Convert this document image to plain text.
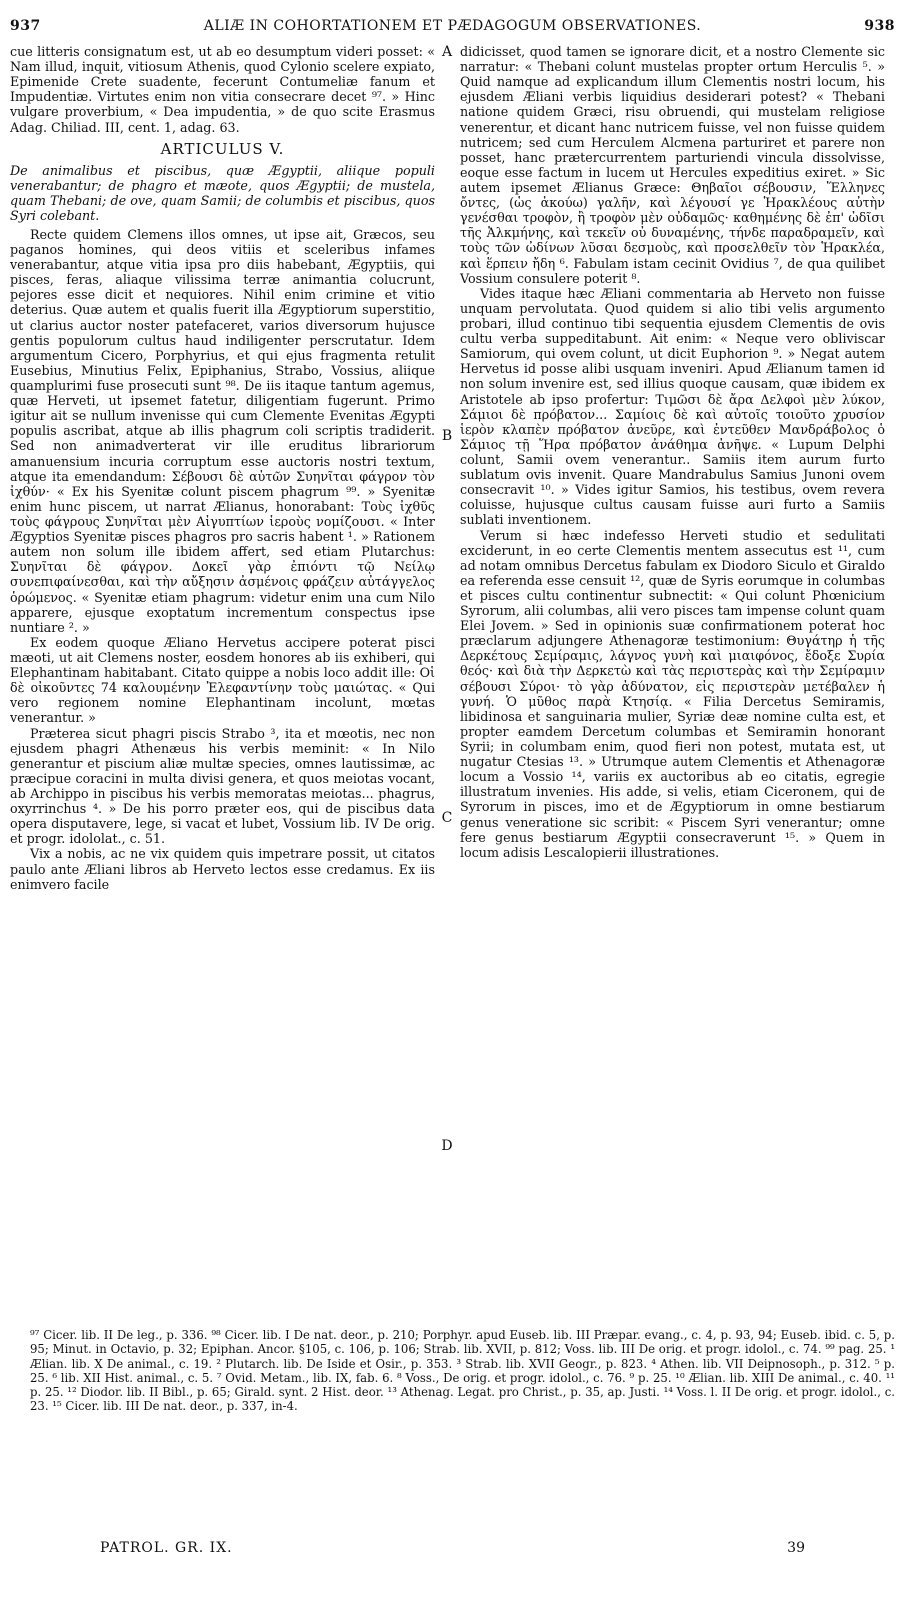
937	ALIÆ IN COHORTATIONEM ET PÆDAGOGUM OBSERVATIONES.	938

cue litteris consignatum est, ut ab eo desumptum videri posset: « Nam illud, inquit, vitiosum Athenis, quod Cylonio scelere expiato, Epimenide Crete suadente, fecerunt Contumeliæ fanum et Impudentiæ. Virtutes enim non vitia consecrare decet ⁹⁷. » Hinc vulgare proverbium, « Dea impudentia, » de quo scite Erasmus Adag. Chiliad. III, cent. 1, adag. 63.

ARTICULUS V.

De animalibus et piscibus, quæ Ægyptii, aliique populi venerabantur; de phagro et mæote, quos Ægyptii; de mustela, quam Thebani; de ove, quam Samii; de columbis et piscibus, quos Syri colebant.

Recte quidem Clemens illos omnes, ut ipse ait, Græcos, seu paganos homines, qui deos vitiis et sceleribus infames venerabantur, atque vitia ipsa pro diis habebant, Ægyptiis, qui pisces, feras, aliaque vilissima terræ animantia colucrunt, pejores esse dicit et nequiores. Nihil enim crimine et vitio deterius. Quæ autem et qualis fuerit illa Ægyptiorum superstitio, ut clarius auctor noster patefaceret, varios diversorum hujusce gentis populorum cultus haud indiligenter perscrutatur. Idem argumentum Cicero, Porphyrius, et qui ejus fragmenta retulit Eusebius, Minutius Felix, Epiphanius, Strabo, Vossius, aliique quamplurimi fuse prosecuti sunt ⁹⁸. De iis itaque tantum agemus, quæ Herveti, ut ipsemet fatetur, diligentiam fugerunt. Primo igitur ait se nullum invenisse qui cum Clemente Evenitas Ægypti populis ascribat, atque ab illis phagrum coli scriptis tradiderit. Sed non animadverterat vir ille eruditus librariorum amanuensium incuria corruptum esse auctoris nostri textum, atque ita emendandum: Σέβουσι δὲ αὐτῶν Συηνῖται φάγρον τὸν ἰχθύν· « Ex his Syenitæ colunt piscem phagrum ⁹⁹. » Syenitæ enim hunc piscem, ut narrat Ælianus, honorabant: Τοὺς ἰχθῦς τοὺς φάγρους Συηνῖται μὲν Αἰγυπτίων ἱεροὺς νομίζουσι. « Inter Ægyptios Syenitæ pisces phagros pro sacris habent ¹. » Rationem autem non solum ille ibidem affert, sed etiam Plutarchus: Συηνῖται δὲ φάγρον. Δοκεῖ γὰρ ἐπιόντι τῷ Νείλῳ συνεπιφαίνεσθαι, καὶ τὴν αὔξησιν ἀσμένοις φράζειν αὐτάγγελος ὁρώμενος. « Syenitæ etiam phagrum: videtur enim una cum Nilo apparere, ejusque exoptatum incrementum conspectus ipse nuntiare ². »

Ex eodem quoque Æliano Hervetus accipere poterat pisci mæoti, ut ait Clemens noster, eosdem honores ab iis exhiberi, qui Elephantinam habitabant. Citato quippe a nobis loco addit ille: Οἱ δὲ οἰκοῦντες 74 καλουμένην Ἐλεφαντίνην τοὺς μαιώτας. « Qui vero regionem nomine Elephantinam incolunt, mœtas venerantur. »

Præterea sicut phagri piscis Strabo ³, ita et mœotis, nec non ejusdem phagri Athenæus his verbis meminit: « In Nilo generantur et piscium aliæ multæ species, omnes lautissimæ, ac præcipue coracini in multa divisi genera, et quos meiotas vocant, ab Archippo in piscibus his verbis memoratas meiotas... phagrus, oxyrrinchus ⁴. » De his porro præter eos, qui de piscibus data opera disputavere, lege, si vacat et lubet, Vossium lib. IV De orig. et progr. idololat., c. 51.

Vix a nobis, ac ne vix quidem quis impetrare possit, ut citatos paulo ante Æliani libros ab Herveto lectos esse credamus. Ex iis enimvero facile

A
B
C
D

didicisset, quod tamen se ignorare dicit, et a nostro Clemente sic narratur: « Thebani colunt mustelas propter ortum Herculis ⁵. » Quid namque ad explicandum illum Clementis nostri locum, his ejusdem Æliani verbis liquidius desiderari potest? « Thebani natione quidem Græci, risu obruendi, qui mustelam religiose venerentur, et dicant hanc nutricem fuisse, vel non fuisse quidem nutricem; sed cum Herculem Alcmena parturiret et parere non posset, hanc prætercurrentem parturiendi vincula dissolvisse, eoque esse factum in lucem ut Hercules expeditius exiret. » Sic autem ipsemet Ælianus Græce: Θηβαῖοι σέβουσιν, Ἕλληνες ὄντες, (ὡς ἀκούω) γαλῆν, καὶ λέγουσί γε Ἡρακλέους αὐτὴν γενέσθαι τροφὸν, ἢ τροφὸν μὲν οὐδαμῶς· καθημένης δὲ ἐπ' ὠδῖσι τῆς Ἀλκμήνης, καὶ τεκεῖν οὐ δυναμένης, τήνδε παραδραμεῖν, καὶ τοὺς τῶν ὠδίνων λῦσαι δεσμοὺς, καὶ προσελθεῖν τὸν Ἡρακλέα, καὶ ἕρπειν ἤδη ⁶. Fabulam istam cecinit Ovidius ⁷, de qua quilibet Vossium consulere poterit ⁸.

Vides itaque hæc Æliani commentaria ab Herveto non fuisse unquam pervolutata. Quod quidem si alio tibi velis argumento probari, illud continuo tibi sequentia ejusdem Clementis de ovis cultu verba suppeditabunt. Ait enim: « Neque vero obliviscar Samiorum, qui ovem colunt, ut dicit Euphorion ⁹. » Negat autem Hervetus id posse alibi usquam inveniri. Apud Ælianum tamen id non solum invenire est, sed illius quoque causam, quæ ibidem ex Aristotele ab ipso profertur: Τιμῶσι δὲ ἄρα Δελφοὶ μὲν λύκον, Σάμιοι δὲ πρόβατον... Σαμίοις δὲ καὶ αὐτοῖς τοιοῦτο χρυσίον ἱερὸν κλαπὲν πρόβατον ἀνεῦρε, καὶ ἐντεῦθεν Μανδράβολος ὁ Σάμιος τῇ Ἥρα πρόβατον ἀνάθημα ἀνῆψε. « Lupum Delphi colunt, Samii ovem venerantur.. Samiis item aurum furto sublatum ovis invenit. Quare Mandrabulus Samius Junoni ovem consecravit ¹⁰. » Vides igitur Samios, his testibus, ovem revera coluisse, hujusque cultus causam fuisse auri furto a Samiis sublati inventionem.

Verum si hæc indefesso Herveti studio et sedulitati exciderunt, in eo certe Clementis mentem assecutus est ¹¹, cum ad notam omnibus Dercetus fabulam ex Diodoro Siculo et Giraldo ea referenda esse censuit ¹², quæ de Syris eorumque in columbas et pisces cultu continentur subnectit: « Qui colunt Phœnicium Syrorum, alii columbas, alii vero pisces tam impense colunt quam Elei Jovem. » Sed in opinionis suæ confirmationem poterat hoc præclarum adjungere Athenagoræ testimonium: Θυγάτηρ ἡ τῆς Δερκέτους Σεμίραμις, λάγνος γυνὴ καὶ μιαιφόνος, ἔδοξε Συρία θεός· καὶ διὰ τὴν Δερκετὼ καὶ τὰς περιστερὰς καὶ τὴν Σεμίραμιν σέβουσι Σύροι· τὸ γὰρ ἀδύνατον, εἰς περιστερὰν μετέβαλεν ἡ γυνή. Ὁ μῦθος παρὰ Κτησίᾳ. « Filia Dercetus Semiramis, libidinosa et sanguinaria mulier, Syriæ deæ nomine culta est, et propter eamdem Dercetum columbas et Semiramin honorant Syrii; in columbam enim, quod fieri non potest, mutata est, ut nugatur Ctesias ¹³. » Utrumque autem Clementis et Athenagoræ locum a Vossio ¹⁴, variis ex auctoribus ab eo citatis, egregie illustratum invenies. His adde, si velis, etiam Ciceronem, qui de Syrorum in pisces, imo et de Ægyptiorum in omne bestiarum genus veneratione sic scribit: « Piscem Syri venerantur; omne fere genus bestiarum Ægyptii consecraverunt ¹⁵. » Quem in locum adisis Lescalopierii illustrationes.

⁹⁷ Cicer. lib. II De leg., p. 336. ⁹⁸ Cicer. lib. I De nat. deor., p. 210; Porphyr. apud Euseb. lib. III Præpar. evang., c. 4, p. 93, 94; Euseb. ibid. c. 5, p. 95; Minut. in Octavio, p. 32; Epiphan. Ancor. §105, c. 106, p. 106; Strab. lib. XVII, p. 812; Voss. lib. III De orig. et progr. idolol., c. 74. ⁹⁹ pag. 25. ¹ Ælian. lib. X De animal., c. 19. ² Plutarch. lib. De Iside et Osir., p. 353. ³ Strab. lib. XVII Geogr., p. 823. ⁴ Athen. lib. VII Deipnosoph., p. 312. ⁵ p. 25. ⁶ lib. XII Hist. animal., c. 5. ⁷ Ovid. Metam., lib. IX, fab. 6. ⁸ Voss., De orig. et progr. idolol., c. 76. ⁹ p. 25. ¹⁰ Ælian. lib. XIII De animal., c. 40. ¹¹ p. 25. ¹² Diodor. lib. II Bibl., p. 65; Girald. synt. 2 Hist. deor. ¹³ Athenag. Legat. pro Christ., p. 35, ap. Justi. ¹⁴ Voss. l. II De orig. et progr. idolol., c. 23. ¹⁵ Cicer. lib. III De nat. deor., p. 337, in-4.

PATROL. GR. IX.	39
